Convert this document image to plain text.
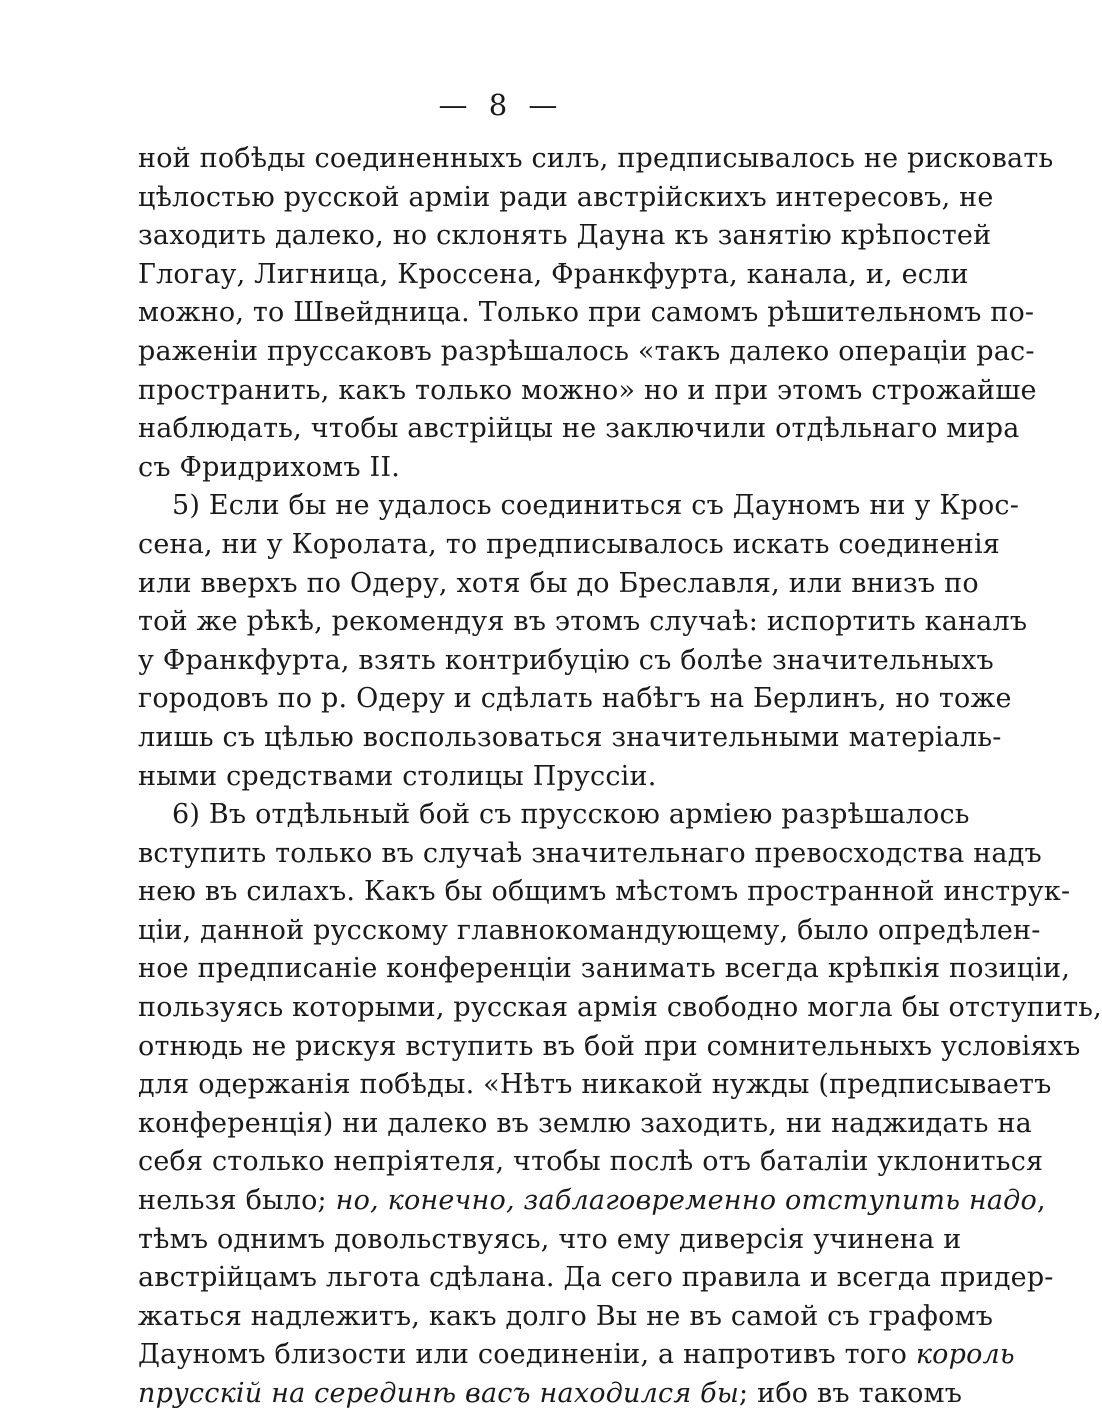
— 8 —
ной побѣды соединенныхъ силъ, предписывалось не рисковать
цѣлостью русской арміи ради австрійскихъ интересовъ, не
заходить далеко, но склонять Дауна къ занятію крѣпостей
Глогау, Лигница, Кроссена, Франкфурта, канала, и, если
можно, то Швейдница. Только при самомъ рѣшительномъ по-
раженіи пруссаковъ разрѣшалось «такъ далеко операціи рас-
пространить, какъ только можно» но и при этомъ строжайше
наблюдать, чтобы австрійцы не заключили отдѣльнаго мира
съ Фридрихомъ II.
5) Если бы не удалось соединиться съ Дауномъ ни у Крос-
сена, ни у Королата, то предписывалось искать соединенія
или вверхъ по Одеру, хотя бы до Бреславля, или внизъ по
той же рѣкѣ, рекомендуя въ этомъ случаѣ: испортить каналъ
у Франкфурта, взять контрибуцію съ болѣе значительныхъ
городовъ по р. Одеру и сдѣлать набѣгъ на Берлинъ, но тоже
лишь съ цѣлью воспользоваться значительными матеріаль-
ными средствами столицы Пруссіи.
6) Въ отдѣльный бой съ прусскою арміею разрѣшалось
вступить только въ случаѣ значительнаго превосходства надъ
нею въ силахъ. Какъ бы общимъ мѣстомъ пространной инструк-
ціи, данной русскому главнокомандующему, было опредѣлен-
ное предписаніе конференціи занимать всегда крѣпкія позиціи,
пользуясь которыми, русская армія свободно могла бы отступить,
отнюдь не рискуя вступить въ бой при сомнительныхъ условіяхъ
для одержанія побѣды. «Нѣтъ никакой нужды (предписываетъ
конференція) ни далеко въ землю заходить, ни наджидать на
себя столько непріятеля, чтобы послѣ отъ баталіи уклониться
нельзя было; но, конечно, заблаговременно отступить надо,
тѣмъ однимъ довольствуясь, что ему диверсія учинена и
австрійцамъ льгота сдѣлана. Да сего правила и всегда придер-
жаться надлежитъ, какъ долго Вы не въ самой съ графомъ
Дауномъ близости или соединеніи, а напротивъ того король
прусскій на серединѣ васъ находился бы; ибо въ такомъ
